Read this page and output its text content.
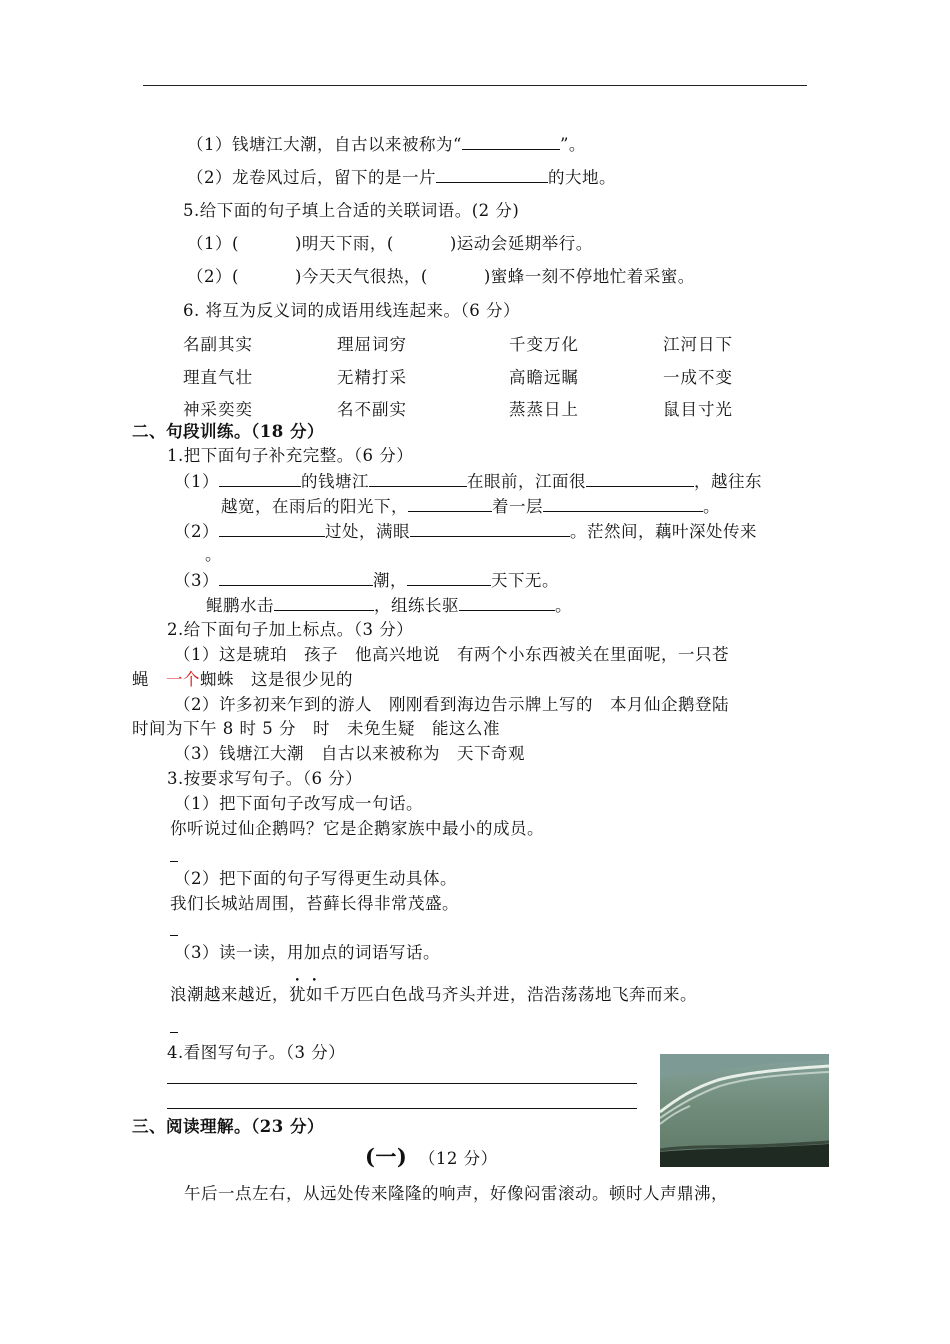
（1）钱塘江大潮，自古以来被称为“	”。
（2）龙卷风过后，留下的是一片	的大地。
5.给下面的句子填上合适的关联词语。(2 分)
（1）(	)明天下雨，(	)运动会延期举行。
（2）(	)今天天气很热，(	)蜜蜂一刻不停地忙着采蜜。
6. 将互为反义词的成语用线连起来。（6 分）
名副其实	理屈词穷	千变万化	江河日下
理直气壮	无精打采	高瞻远瞩	一成不变
神采奕奕	名不副实	蒸蒸日上	鼠目寸光
二、句段训练。（18 分）
1.把下面句子补充完整。（6 分）
（1）	的钱塘江	在眼前，江面很	，越往东
越宽，在雨后的阳光下，	着一层	。
（2）	过处，满眼	。茫然间，藕叶深处传来
。
（3）	潮，	天下无。
鲲鹏水击	，组练长驱	。
2.给下面句子加上标点。（3 分）
（1）这是琥珀　孩子　他高兴地说　有两个小东西被关在里面呢，一只苍
蝇　一个蜘蛛　这是很少见的
（2）许多初来乍到的游人　刚刚看到海边告示牌上写的　本月仙企鹅登陆
时间为下午 8 时 5 分　时　未免生疑　能这么准
（3）钱塘江大潮　自古以来被称为　天下奇观
3.按要求写句子。（6 分）
（1）把下面句子改写成一句话。
你听说过仙企鹅吗？它是企鹅家族中最小的成员。
（2）把下面的句子写得更生动具体。
我们长城站周围，苔藓长得非常茂盛。
（3）读一读，用加点的词语写话。
浪潮越来越近，犹如千万匹白色战马齐头并进，浩浩荡荡地飞奔而来。
4.看图写句子。（3 分）
三、阅读理解。（23 分）
(一) （12 分）
午后一点左右，从远处传来隆隆的响声，好像闷雷滚动。顿时人声鼎沸，
